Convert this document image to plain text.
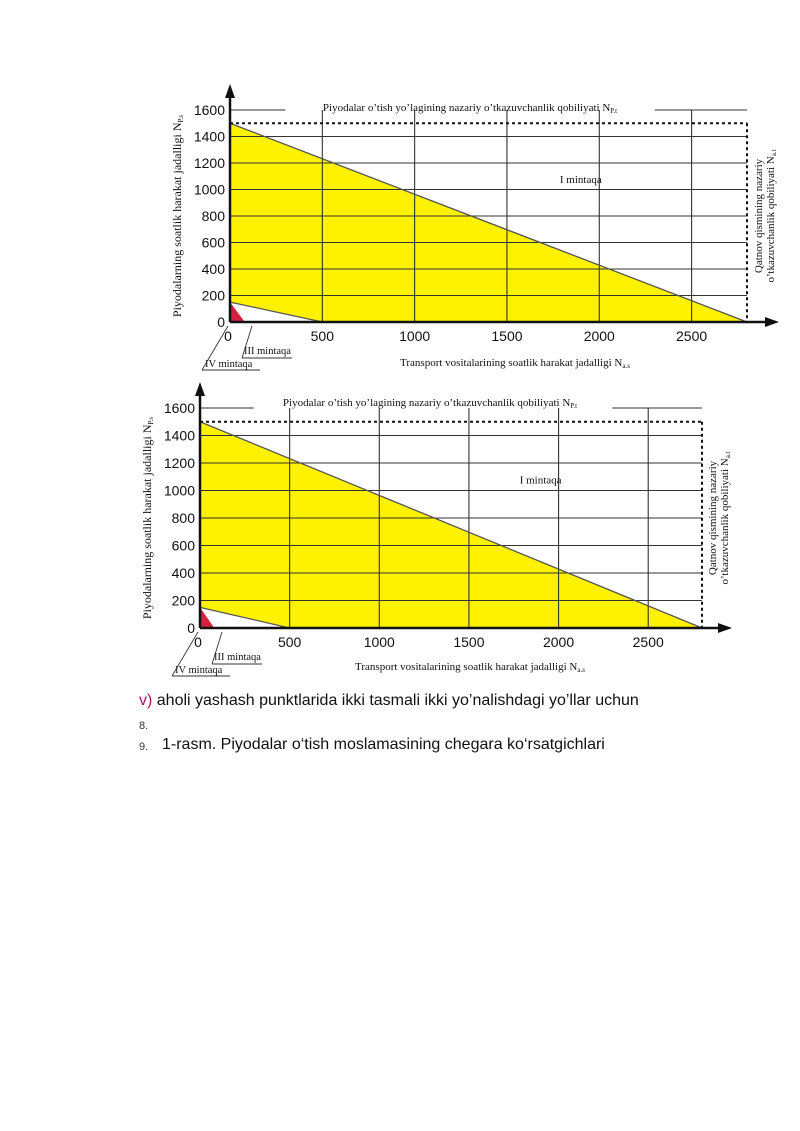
0
200
400
600
800
1000
1200
1400
1600
0	500	1000	1500	2000	2500
Piyodalar o’tish yo’lagining nazariy o’tkazuvchanlik qobiliyati NP.t
Transport vositalarining soatlik harakat jadalligi Na.s
Piyodalarning soatlik harakat jadalligi NP.s
Qatnov qismining nazariy o’tkazuvchanlik qobiliyati Na.t
I mintaqa
III mintaqa
IV mintaqa
0
200
400
600
800
1000
1200
1400
1600
0	500	1000	1500	2000	2500
Piyodalar o’tish yo’lagining nazariy o’tkazuvchanlik qobiliyati NP.t
Transport vositalarining soatlik harakat jadalligi Na.s
Piyodalarning soatlik harakat jadalligi NP.s
Qatnov qismining nazariy o’tkazuvchanlik qobiliyati Na.t
I mintaqa
III mintaqa
IV mintaqa
v) aholi yashash punktlarida ikki tasmali ikki yo’nalishdagi yo’llar uchun
8.
9. 1-rasm. Piyodalar o‘tish moslamasining chegara ko‘rsatgichlari
